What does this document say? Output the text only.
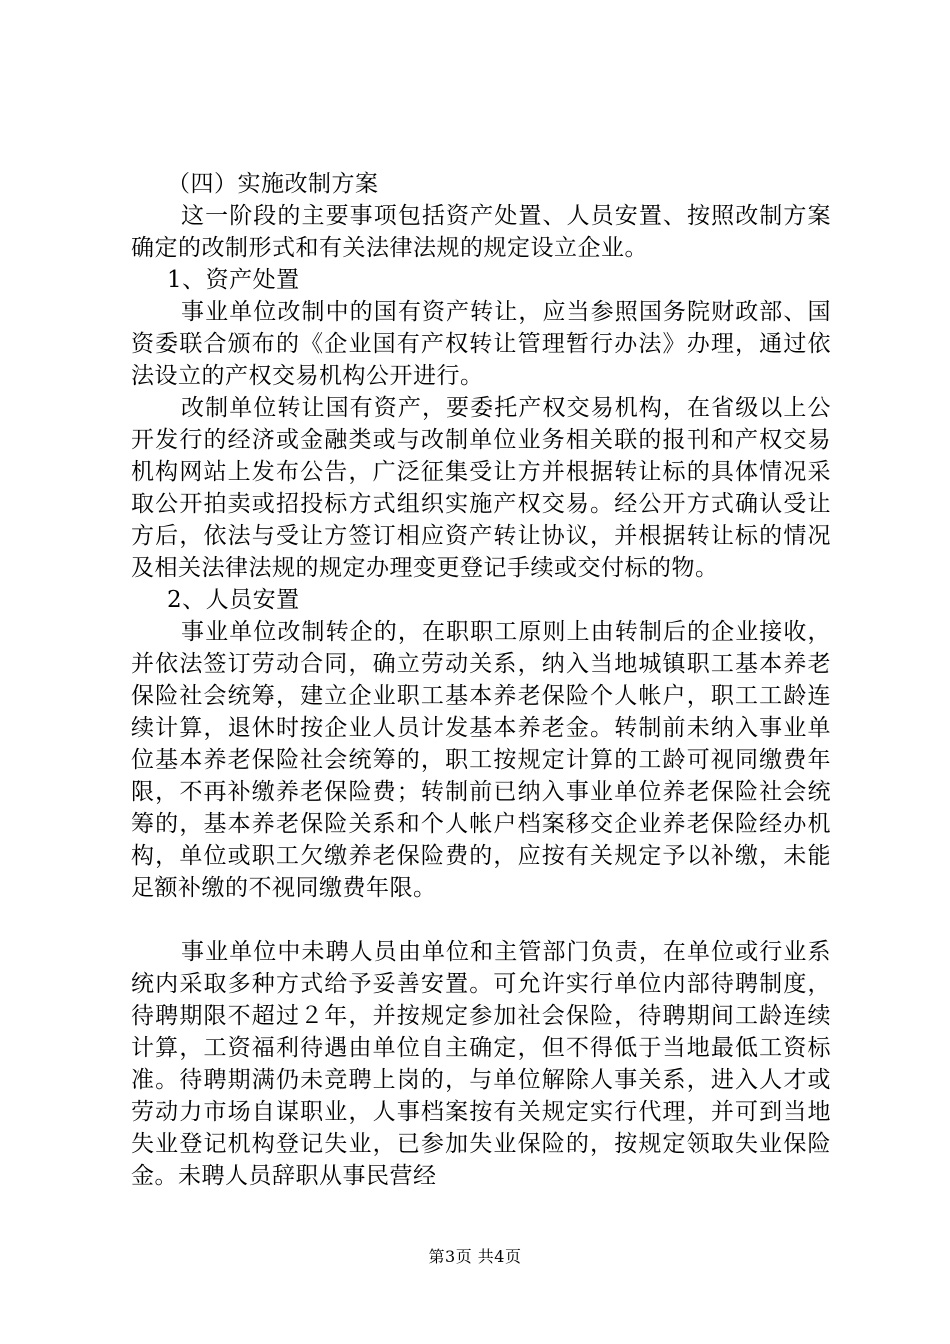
（四）实施改制方案

这一阶段的主要事项包括资产处置、人员安置、按照改制方案确定的改制形式和有关法律法规的规定设立企业。

1、资产处置

事业单位改制中的国有资产转让，应当参照国务院财政部、国资委联合颁布的《企业国有产权转让管理暂行办法》办理，通过依法设立的产权交易机构公开进行。

改制单位转让国有资产，要委托产权交易机构，在省级以上公开发行的经济或金融类或与改制单位业务相关联的报刊和产权交易机构网站上发布公告，广泛征集受让方并根据转让标的具体情况采取公开拍卖或招投标方式组织实施产权交易。经公开方式确认受让方后，依法与受让方签订相应资产转让协议，并根据转让标的情况及相关法律法规的规定办理变更登记手续或交付标的物。

2、人员安置

事业单位改制转企的，在职职工原则上由转制后的企业接收，并依法签订劳动合同，确立劳动关系，纳入当地城镇职工基本养老保险社会统筹，建立企业职工基本养老保险个人帐户，职工工龄连续计算，退休时按企业人员计发基本养老金。转制前未纳入事业单位基本养老保险社会统筹的，职工按规定计算的工龄可视同缴费年限，不再补缴养老保险费；转制前已纳入事业单位养老保险社会统筹的，基本养老保险关系和个人帐户档案移交企业养老保险经办机构，单位或职工欠缴养老保险费的，应按有关规定予以补缴，未能足额补缴的不视同缴费年限。

事业单位中未聘人员由单位和主管部门负责，在单位或行业系统内采取多种方式给予妥善安置。可允许实行单位内部待聘制度，待聘期限不超过２年，并按规定参加社会保险，待聘期间工龄连续计算，工资福利待遇由单位自主确定，但不得低于当地最低工资标准。待聘期满仍未竞聘上岗的，与单位解除人事关系，进入人才或劳动力市场自谋职业，人事档案按有关规定实行代理，并可到当地失业登记机构登记失业，已参加失业保险的，按规定领取失业保险金。未聘人员辞职从事民营经

第3页 共4页
